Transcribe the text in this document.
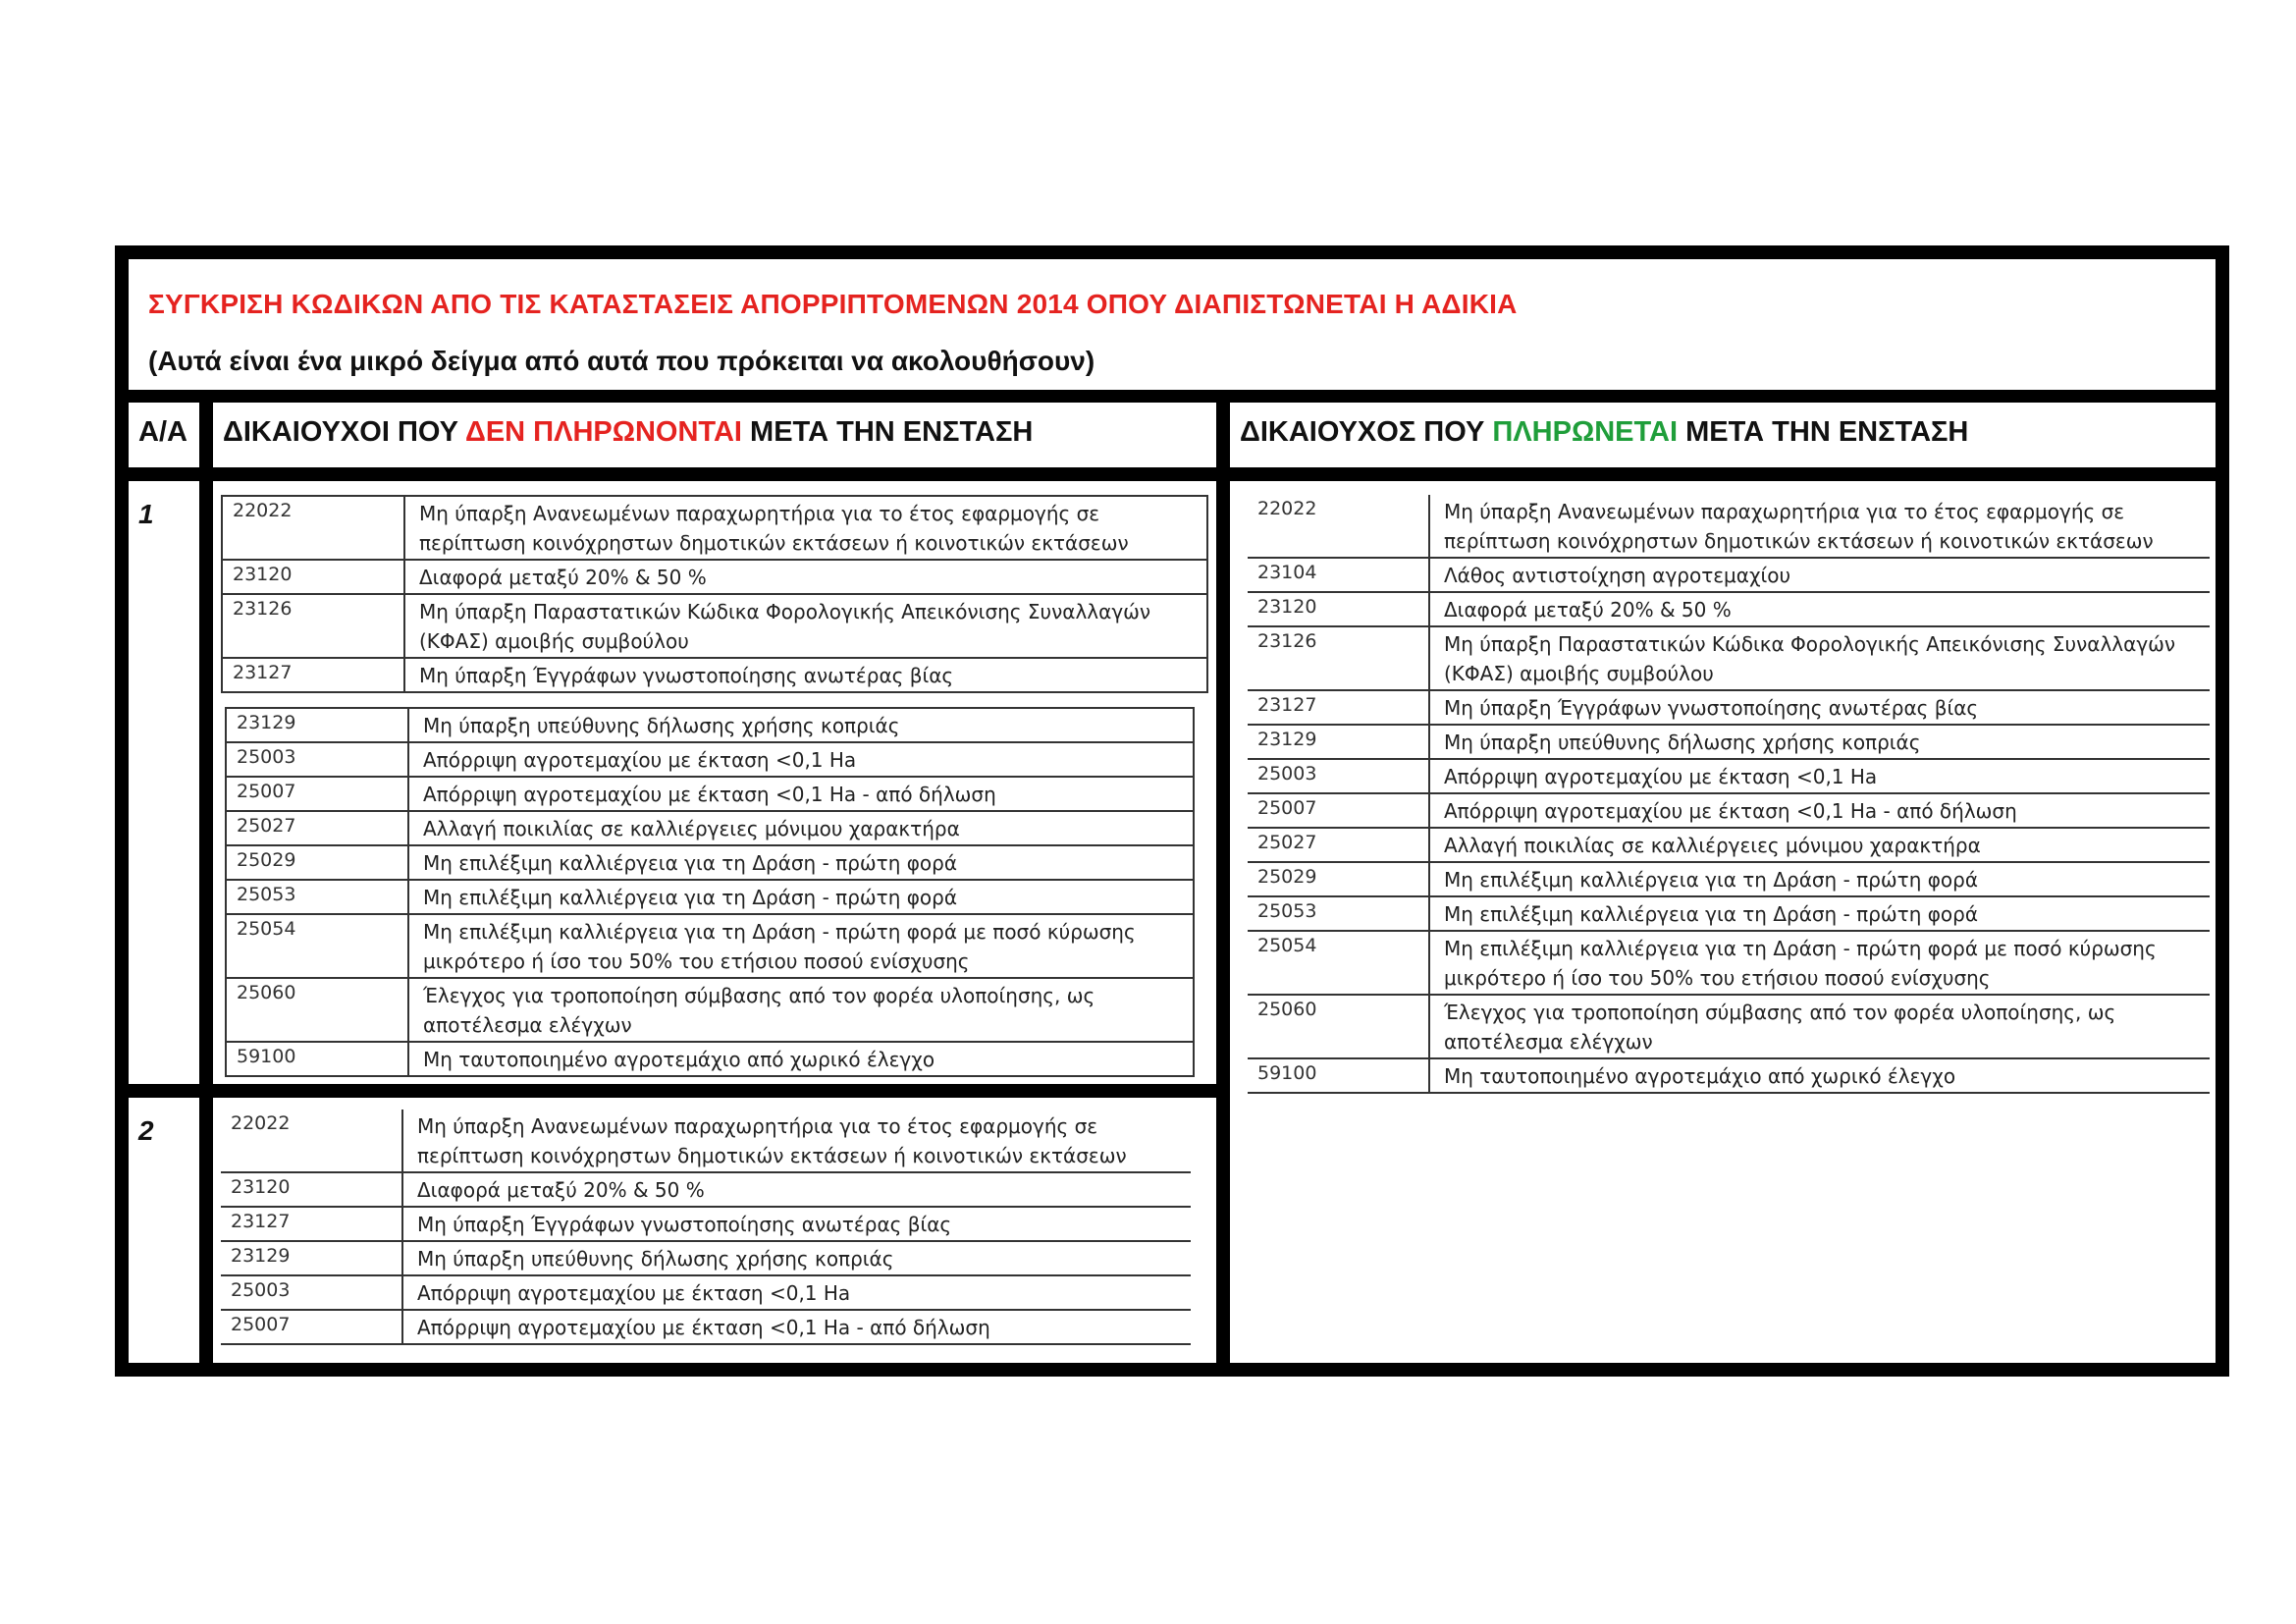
ΣΥΓΚΡΙΣΗ ΚΩΔΙΚΩΝ ΑΠΟ ΤΙΣ ΚΑΤΑΣΤΑΣΕΙΣ ΑΠΟΡΡΙΠΤΟΜΕΝΩΝ 2014 ΟΠΟΥ ΔΙΑΠΙΣΤΩΝΕΤΑΙ Η ΑΔΙΚΙΑ
(Αυτά είναι ένα μικρό δείγμα από αυτά που πρόκειται να ακολουθήσουν)
Α/Α	ΔΙΚΑΙΟΥΧΟΙ ΠΟΥ ΔΕΝ ΠΛΗΡΩΝΟΝΤΑΙ ΜΕΤΑ ΤΗΝ ΕΝΣΤΑΣΗ	ΔΙΚΑΙΟΥΧΟΣ ΠΟΥ ΠΛΗΡΩΝΕΤΑΙ ΜΕΤΑ ΤΗΝ ΕΝΣΤΑΣΗ
1
2
22022	Μη ύπαρξη Ανανεωμένων παραχωρητήρια για το έτος εφαρμογής σε περίπτωση κοινόχρηστων δημοτικών εκτάσεων ή κοινοτικών εκτάσεων
23120	Διαφορά μεταξύ 20% & 50 %
23126	Μη ύπαρξη Παραστατικών Κώδικα Φορολογικής Απεικόνισης Συναλλαγών (ΚΦΑΣ) αμοιβής συμβούλου
23127	Μη ύπαρξη Έγγράφων γνωστοποίησης ανωτέρας βίας
23129	Μη ύπαρξη υπεύθυνης δήλωσης χρήσης κοπριάς
25003	Απόρριψη αγροτεμαχίου με έκταση <0,1 Ha
25007	Απόρριψη αγροτεμαχίου με έκταση <0,1 Ha - από δήλωση
25027	Αλλαγή ποικιλίας σε καλλιέργειες μόνιμου χαρακτήρα
25029	Μη επιλέξιμη καλλιέργεια για τη Δράση - πρώτη φορά
25053	Μη επιλέξιμη καλλιέργεια για τη Δράση - πρώτη φορά
25054	Μη επιλέξιμη καλλιέργεια για τη Δράση - πρώτη φορά με ποσό κύρωσης μικρότερο ή ίσο του 50% του ετήσιου ποσού ενίσχυσης
25060	Έλεγχος για τροποποίηση σύμβασης από τον φορέα υλοποίησης, ως αποτέλεσμα ελέγχων
59100	Μη ταυτοποιημένο αγροτεμάχιο από χωρικό έλεγχο
22022	Μη ύπαρξη Ανανεωμένων παραχωρητήρια για το έτος εφαρμογής σε περίπτωση κοινόχρηστων δημοτικών εκτάσεων ή κοινοτικών εκτάσεων
23120	Διαφορά μεταξύ 20% & 50 %
23127	Μη ύπαρξη Έγγράφων γνωστοποίησης ανωτέρας βίας
23129	Μη ύπαρξη υπεύθυνης δήλωσης χρήσης κοπριάς
25003	Απόρριψη αγροτεμαχίου με έκταση <0,1 Ha
25007	Απόρριψη αγροτεμαχίου με έκταση <0,1 Ha - από δήλωση
22022	Μη ύπαρξη Ανανεωμένων παραχωρητήρια για το έτος εφαρμογής σε περίπτωση κοινόχρηστων δημοτικών εκτάσεων ή κοινοτικών εκτάσεων
23104	Λάθος αντιστοίχηση αγροτεμαχίου
23120	Διαφορά μεταξύ 20% & 50 %
23126	Μη ύπαρξη Παραστατικών Κώδικα Φορολογικής Απεικόνισης Συναλλαγών (ΚΦΑΣ) αμοιβής συμβούλου
23127	Μη ύπαρξη Έγγράφων γνωστοποίησης ανωτέρας βίας
23129	Μη ύπαρξη υπεύθυνης δήλωσης χρήσης κοπριάς
25003	Απόρριψη αγροτεμαχίου με έκταση <0,1 Ha
25007	Απόρριψη αγροτεμαχίου με έκταση <0,1 Ha - από δήλωση
25027	Αλλαγή ποικιλίας σε καλλιέργειες μόνιμου χαρακτήρα
25029	Μη επιλέξιμη καλλιέργεια για τη Δράση - πρώτη φορά
25053	Μη επιλέξιμη καλλιέργεια για τη Δράση - πρώτη φορά
25054	Μη επιλέξιμη καλλιέργεια για τη Δράση - πρώτη φορά με ποσό κύρωσης μικρότερο ή ίσο του 50% του ετήσιου ποσού ενίσχυσης
25060	Έλεγχος για τροποποίηση σύμβασης από τον φορέα υλοποίησης, ως αποτέλεσμα ελέγχων
59100	Μη ταυτοποιημένο αγροτεμάχιο από χωρικό έλεγχο
